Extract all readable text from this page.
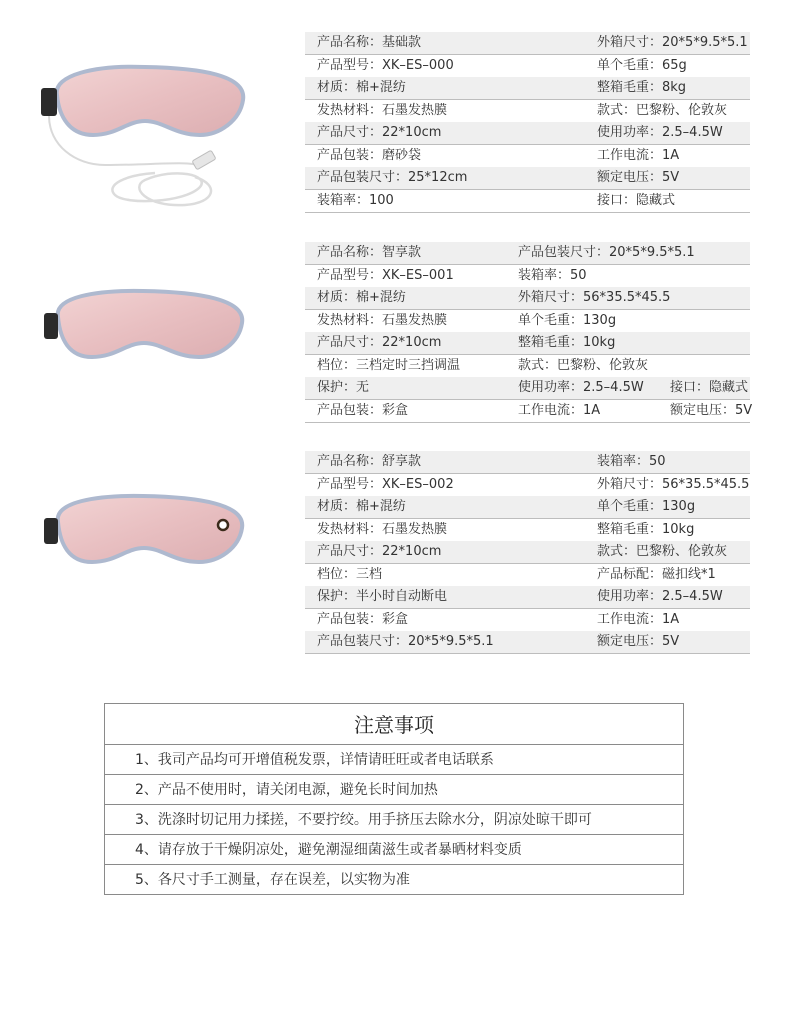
产品名称：基础款	外箱尺寸：20*5*9.5*5.1
产品型号：XK–ES–000	单个毛重：65g
材质：棉+混纺	整箱毛重：8kg
发热材料：石墨发热膜	款式：巴黎粉、伦敦灰
产品尺寸：22*10cm	使用功率：2.5–4.5W
产品包装：磨砂袋	工作电流：1A
产品包装尺寸：25*12cm	额定电压：5V
装箱率：100	接口：隐藏式
产品名称：智享款	产品包装尺寸：20*5*9.5*5.1
产品型号：XK–ES–001	装箱率：50
材质：棉+混纺	外箱尺寸：56*35.5*45.5
发热材料：石墨发热膜	单个毛重：130g
产品尺寸：22*10cm	整箱毛重：10kg
档位：三档定时三挡调温	款式：巴黎粉、伦敦灰
保护：无	使用功率：2.5–4.5W 接口：隐藏式
产品包装：彩盒	工作电流：1A	额定电压：5V
产品名称：舒享款	装箱率：50
产品型号：XK–ES–002	外箱尺寸：56*35.5*45.5
材质：棉+混纺	单个毛重：130g
发热材料：石墨发热膜	整箱毛重：10kg
产品尺寸：22*10cm	款式：巴黎粉、伦敦灰
档位：三档	产品标配：磁扣线*1
保护：半小时自动断电	使用功率：2.5–4.5W
产品包装：彩盒	工作电流：1A
产品包装尺寸：20*5*9.5*5.1	额定电压：5V
注意事项
1、我司产品均可开增值税发票，详情请旺旺或者电话联系
2、产品不使用时，请关闭电源，避免长时间加热
3、洗涤时切记用力揉搓，不要拧绞。用手挤压去除水分，阴凉处晾干即可
4、请存放于干燥阴凉处，避免潮湿细菌滋生或者暴晒材料变质
5、各尺寸手工测量，存在误差，以实物为准
